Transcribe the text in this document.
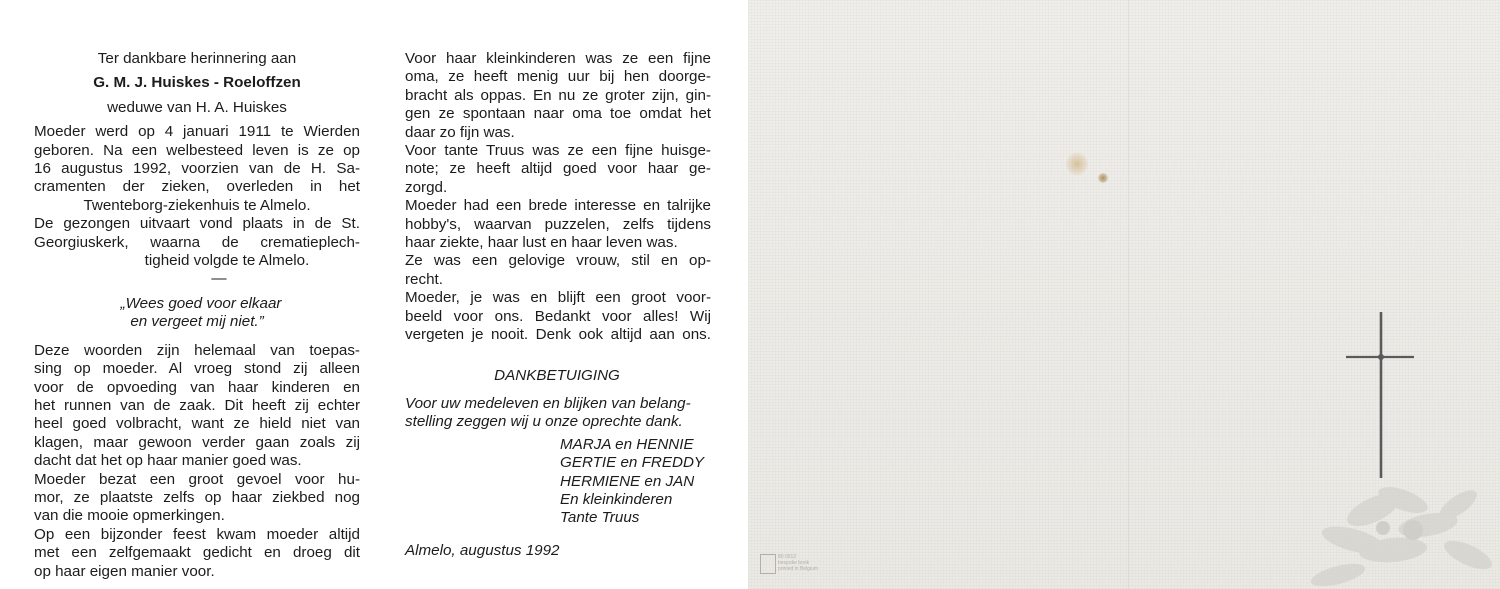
Ter dankbare herinnering aan
G. M. J. Huiskes - Roeloffzen
weduwe van H. A. Huiskes
Moeder werd op 4 januari 1911 te Wierden
geboren. Na een welbesteed leven is ze op
16 augustus 1992, voorzien van de H. Sa-
cramenten der zieken, overleden in het
Twenteborg-ziekenhuis te Almelo.
De gezongen uitvaart vond plaats in de St.
Georgiuskerk, waarna de crematieplech-
tigheid volgde te Almelo.
—
„Wees goed voor elkaar
en vergeet mij niet.”
Deze woorden zijn helemaal van toepas-
sing op moeder. Al vroeg stond zij alleen
voor de opvoeding van haar kinderen en
het runnen van de zaak. Dit heeft zij echter
heel goed volbracht, want ze hield niet van
klagen, maar gewoon verder gaan zoals zij
dacht dat het op haar manier goed was.
Moeder bezat een groot gevoel voor hu-
mor, ze plaatste zelfs op haar ziekbed nog
van die mooie opmerkingen.
Op een bijzonder feest kwam moeder altijd
met een zelfgemaakt gedicht en droeg dit
op haar eigen manier voor.
Voor haar kleinkinderen was ze een fijne
oma, ze heeft menig uur bij hen doorge-
bracht als oppas. En nu ze groter zijn, gin-
gen ze spontaan naar oma toe omdat het
daar zo fijn was.
Voor tante Truus was ze een fijne huisge-
note; ze heeft altijd goed voor haar ge-
zorgd.
Moeder had een brede interesse en talrijke
hobby's, waarvan puzzelen, zelfs tijdens
haar ziekte, haar lust en haar leven was.
Ze was een gelovige vrouw, stil en op-
recht.
Moeder, je was en blijft een groot voor-
beeld voor ons. Bedankt voor alles! Wij
vergeten je nooit. Denk ook altijd aan ons.
DANKBETUIGING
Voor uw medeleven en blijken van belang-
stelling zeggen wij u onze oprechte dank.
MARJA en HENNIE
GERTIE en FREDDY
HERMIENE en JAN
En kleinkinderen
Tante Truus
Almelo, augustus 1992	80 0512
bespoke book
printed in Belgium
